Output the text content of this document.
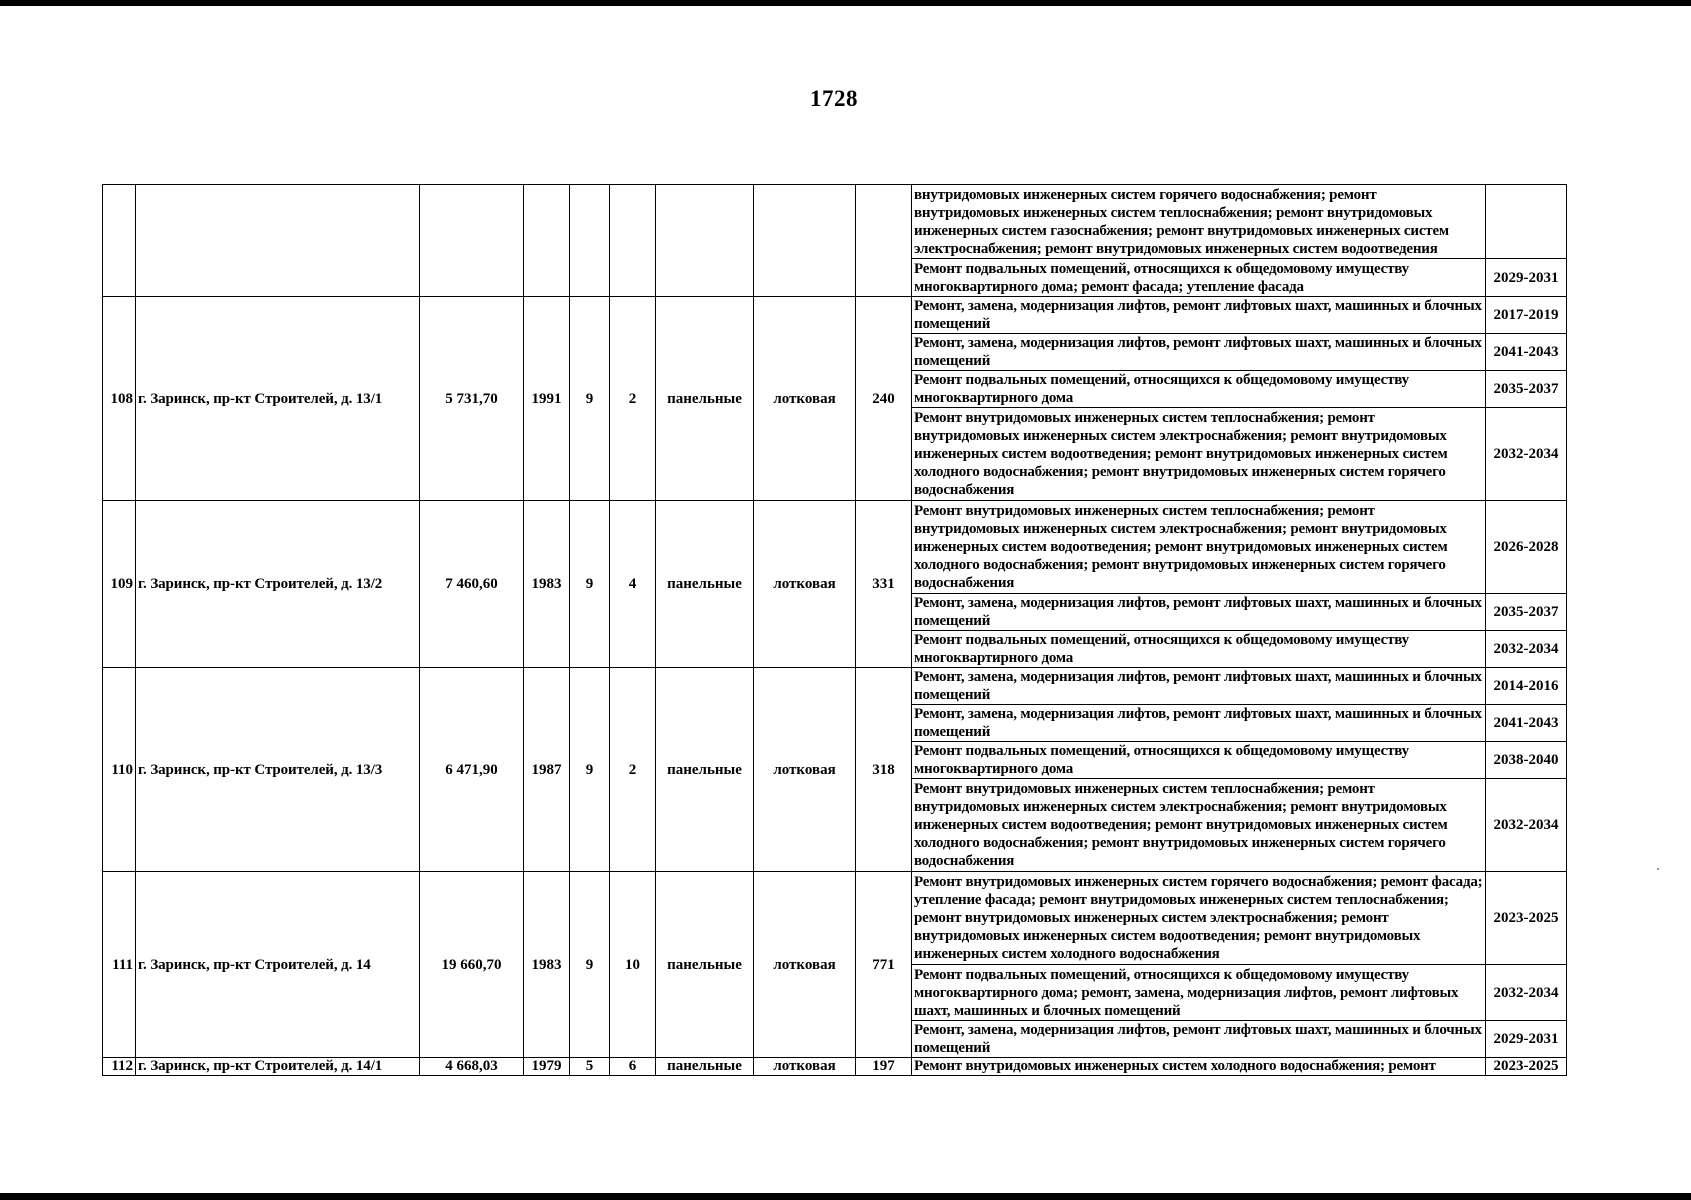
1728
									внутридомовых инженерных систем горячего водоснабжения; ремонт внутридомовых инженерных систем теплоснабжения; ремонт внутридомовых инженерных систем газоснабжения; ремонт внутридомовых инженерных систем электроснабжения; ремонт внутридомовых инженерных систем водоотведения	
									Ремонт подвальных помещений, относящихся к общедомовому имуществу многоквартирного дома; ремонт фасада; утепление фасада	2029-2031
108	г. Заринск, пр-кт Строителей, д. 13/1	5 731,70	1991	9	2	панельные	лотковая	240	Ремонт, замена, модернизация лифтов, ремонт лифтовых шахт, машинных и блочных помещений	2017-2019
									Ремонт, замена, модернизация лифтов, ремонт лифтовых шахт, машинных и блочных помещений	2041-2043
									Ремонт подвальных помещений, относящихся к общедомовому имуществу многоквартирного дома	2035-2037
									Ремонт внутридомовых инженерных систем теплоснабжения; ремонт внутридомовых инженерных систем электроснабжения; ремонт внутридомовых инженерных систем водоотведения; ремонт внутридомовых инженерных систем холодного водоснабжения; ремонт внутридомовых инженерных систем горячего водоснабжения	2032-2034
109	г. Заринск, пр-кт Строителей, д. 13/2	7 460,60	1983	9	4	панельные	лотковая	331	Ремонт внутридомовых инженерных систем теплоснабжения; ремонт внутридомовых инженерных систем электроснабжения; ремонт внутридомовых инженерных систем водоотведения; ремонт внутридомовых инженерных систем холодного водоснабжения; ремонт внутридомовых инженерных систем горячего водоснабжения	2026-2028
									Ремонт, замена, модернизация лифтов, ремонт лифтовых шахт, машинных и блочных помещений	2035-2037
									Ремонт подвальных помещений, относящихся к общедомовому имуществу многоквартирного дома	2032-2034
110	г. Заринск, пр-кт Строителей, д. 13/3	6 471,90	1987	9	2	панельные	лотковая	318	Ремонт, замена, модернизация лифтов, ремонт лифтовых шахт, машинных и блочных помещений	2014-2016
									Ремонт, замена, модернизация лифтов, ремонт лифтовых шахт, машинных и блочных помещений	2041-2043
									Ремонт подвальных помещений, относящихся к общедомовому имуществу многоквартирного дома	2038-2040
									Ремонт внутридомовых инженерных систем теплоснабжения; ремонт внутридомовых инженерных систем электроснабжения; ремонт внутридомовых инженерных систем водоотведения; ремонт внутридомовых инженерных систем холодного водоснабжения; ремонт внутридомовых инженерных систем горячего водоснабжения	2032-2034
111	г. Заринск, пр-кт Строителей, д. 14	19 660,70	1983	9	10	панельные	лотковая	771	Ремонт внутридомовых инженерных систем горячего водоснабжения; ремонт фасада; утепление фасада; ремонт внутридомовых инженерных систем теплоснабжения; ремонт внутридомовых инженерных систем электроснабжения; ремонт внутридомовых инженерных систем водоотведения; ремонт внутридомовых инженерных систем холодного водоснабжения	2023-2025
									Ремонт подвальных помещений, относящихся к общедомовому имуществу многоквартирного дома; ремонт, замена, модернизация лифтов, ремонт лифтовых шахт, машинных и блочных помещений	2032-2034
									Ремонт, замена, модернизация лифтов, ремонт лифтовых шахт, машинных и блочных помещений	2029-2031
112	г. Заринск, пр-кт Строителей, д. 14/1	4 668,03	1979	5	6	панельные	лотковая	197	Ремонт внутридомовых инженерных систем холодного водоснабжения; ремонт	2023-2025
